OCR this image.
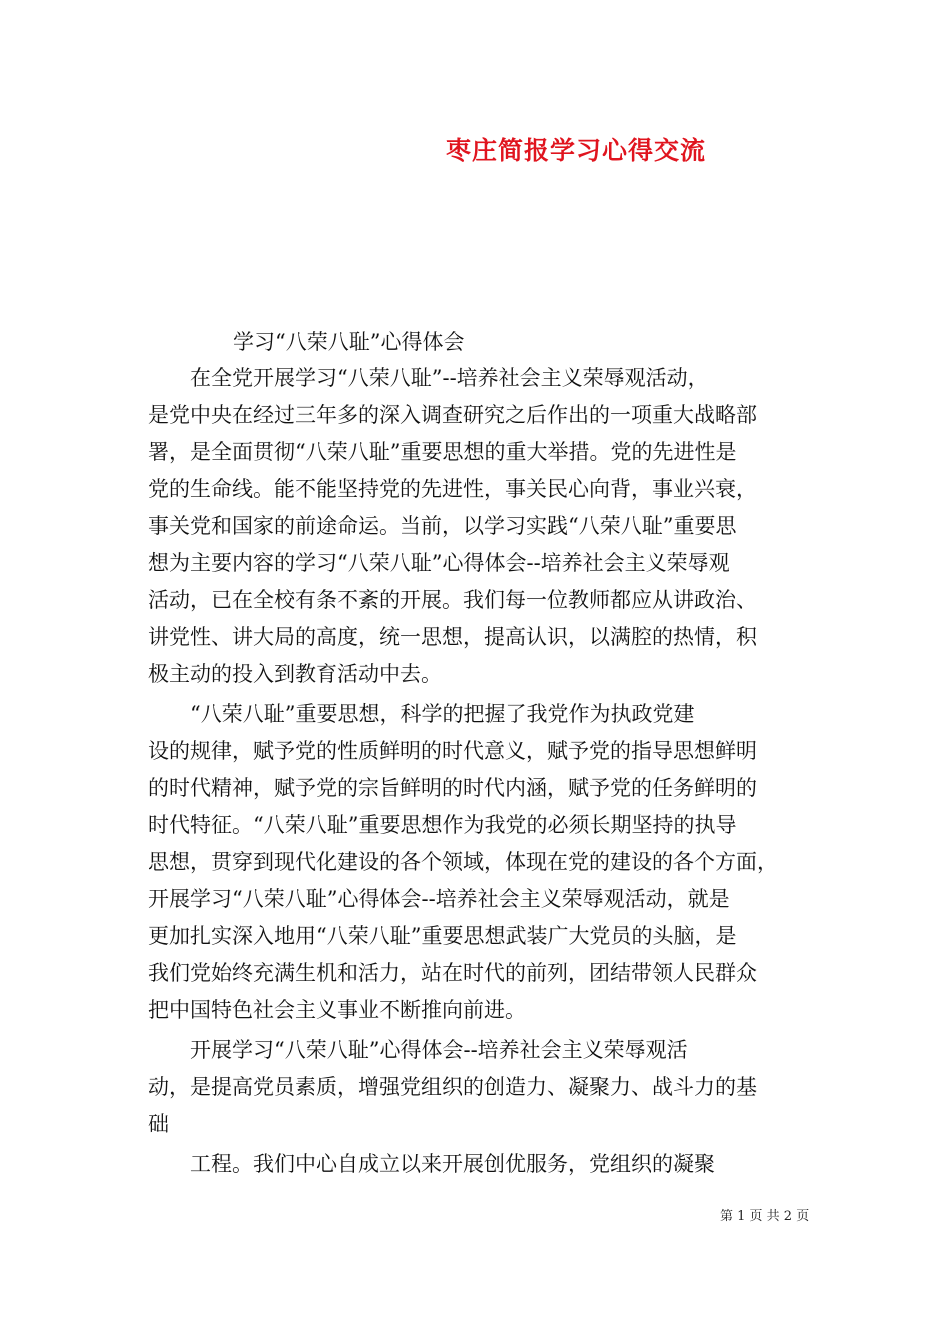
枣庄简报学习心得交流
学习“八荣八耻”心得体会
　　在全党开展学习“八荣八耻”--培养社会主义荣辱观活动，
是党中央在经过三年多的深入调查研究之后作出的一项重大战略部
署，是全面贯彻“八荣八耻”重要思想的重大举措。党的先进性是
党的生命线。能不能坚持党的先进性，事关民心向背，事业兴衰，
事关党和国家的前途命运。当前，以学习实践“八荣八耻”重要思
想为主要内容的学习“八荣八耻”心得体会--培养社会主义荣辱观
活动，已在全校有条不紊的开展。我们每一位教师都应从讲政治、
讲党性、讲大局的高度，统一思想，提高认识，以满腔的热情，积
极主动的投入到教育活动中去。
　　“八荣八耻”重要思想，科学的把握了我党作为执政党建
设的规律，赋予党的性质鲜明的时代意义，赋予党的指导思想鲜明
的时代精神，赋予党的宗旨鲜明的时代内涵，赋予党的任务鲜明的
时代特征。“八荣八耻”重要思想作为我党的必须长期坚持的执导
思想，贯穿到现代化建设的各个领域，体现在党的建设的各个方面，
开展学习“八荣八耻”心得体会--培养社会主义荣辱观活动，就是
更加扎实深入地用“八荣八耻”重要思想武装广大党员的头脑，是
我们党始终充满生机和活力，站在时代的前列，团结带领人民群众
把中国特色社会主义事业不断推向前进。
　　开展学习“八荣八耻”心得体会--培养社会主义荣辱观活
动，是提高党员素质，增强党组织的创造力、凝聚力、战斗力的基
础
　　工程。我们中心自成立以来开展创优服务，党组织的凝聚
第 1 页 共 2 页
